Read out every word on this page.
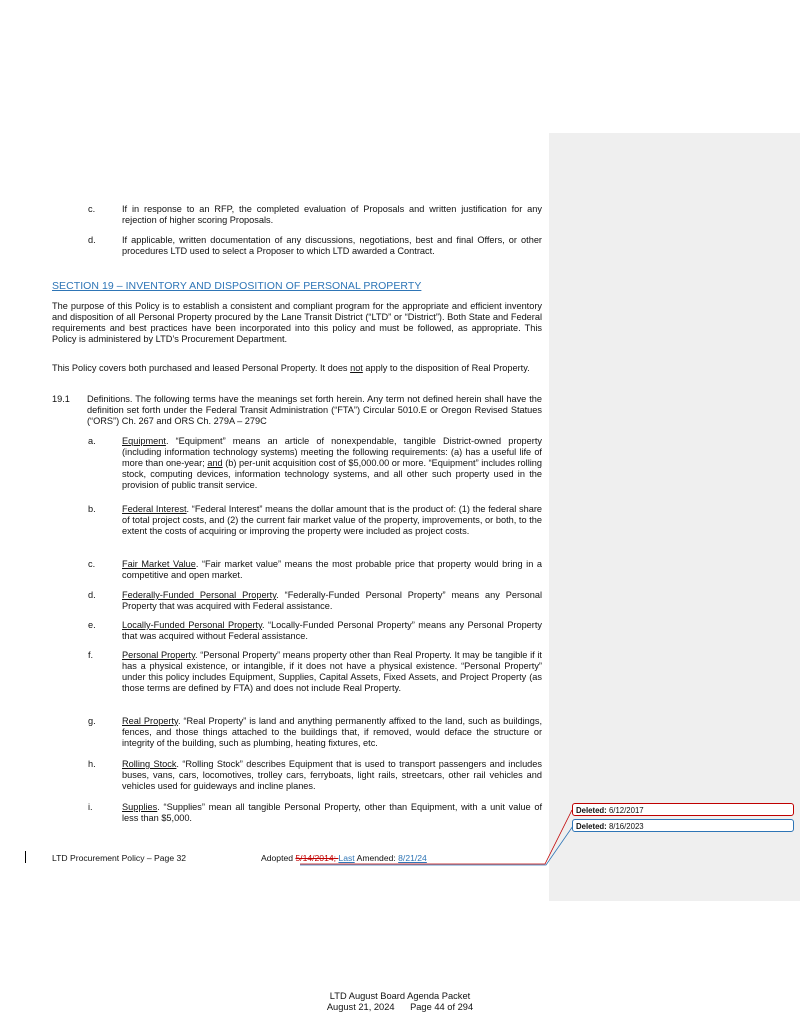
c.	If in response to an RFP, the completed evaluation of Proposals and written justification for any rejection of higher scoring Proposals.
d.	If applicable, written documentation of any discussions, negotiations, best and final Offers, or other procedures LTD used to select a Proposer to which LTD awarded a Contract.
SECTION 19 – INVENTORY AND DISPOSITION OF PERSONAL PROPERTY
The purpose of this Policy is to establish a consistent and compliant program for the appropriate and efficient inventory and disposition of all Personal Property procured by the Lane Transit District (“LTD” or “District”). Both State and Federal requirements and best practices have been incorporated into this policy and must be followed, as appropriate. This Policy is administered by LTD’s Procurement Department.
This Policy covers both purchased and leased Personal Property. It does not apply to the disposition of Real Property.
19.1 Definitions. The following terms have the meanings set forth herein. Any term not defined herein shall have the definition set forth under the Federal Transit Administration (“FTA”) Circular 5010.E or Oregon Revised Statues (“ORS”) Ch. 267 and ORS Ch. 279A – 279C
a.	Equipment. “Equipment” means an article of nonexpendable, tangible District-owned property (including information technology systems) meeting the following requirements: (a) has a useful life of more than one-year; and (b) per-unit acquisition cost of $5,000.00 or more. “Equipment” includes rolling stock, computing devices, information technology systems, and all other such property used in the provision of public transit service.
b.	Federal Interest. “Federal Interest” means the dollar amount that is the product of: (1) the federal share of total project costs, and (2) the current fair market value of the property, improvements, or both, to the extent the costs of acquiring or improving the property were included as project costs.
c.	Fair Market Value. “Fair market value” means the most probable price that property would bring in a competitive and open market.
d.	Federally-Funded Personal Property. “Federally-Funded Personal Property” means any Personal Property that was acquired with Federal assistance.
e.	Locally-Funded Personal Property. “Locally-Funded Personal Property” means any Personal Property that was acquired without Federal assistance.
f.	Personal Property. “Personal Property” means property other than Real Property. It may be tangible if it has a physical existence, or intangible, if it does not have a physical existence. “Personal Property” under this policy includes Equipment, Supplies, Capital Assets, Fixed Assets, and Project Property (as those terms are defined by FTA) and does not include Real Property.
g.	Real Property. “Real Property” is land and anything permanently affixed to the land, such as buildings, fences, and those things attached to the buildings that, if removed, would deface the structure or integrity of the building, such as plumbing, heating fixtures, etc.
h.	Rolling Stock. “Rolling Stock” describes Equipment that is used to transport passengers and includes buses, vans, cars, locomotives, trolley cars, ferryboats, light rails, streetcars, other rail vehicles and vehicles used for guideways and incline planes.
i.	Supplies. “Supplies” mean all tangible Personal Property, other than Equipment, with a unit value of less than $5,000.
LTD Procurement Policy – Page 32	Adopted 5/14/2014; Last Amended: 8/21/24
Deleted: 6/12/2017
Deleted: 8/16/2023
LTD August Board Agenda Packet
August 21, 2024 Page 44 of 294
